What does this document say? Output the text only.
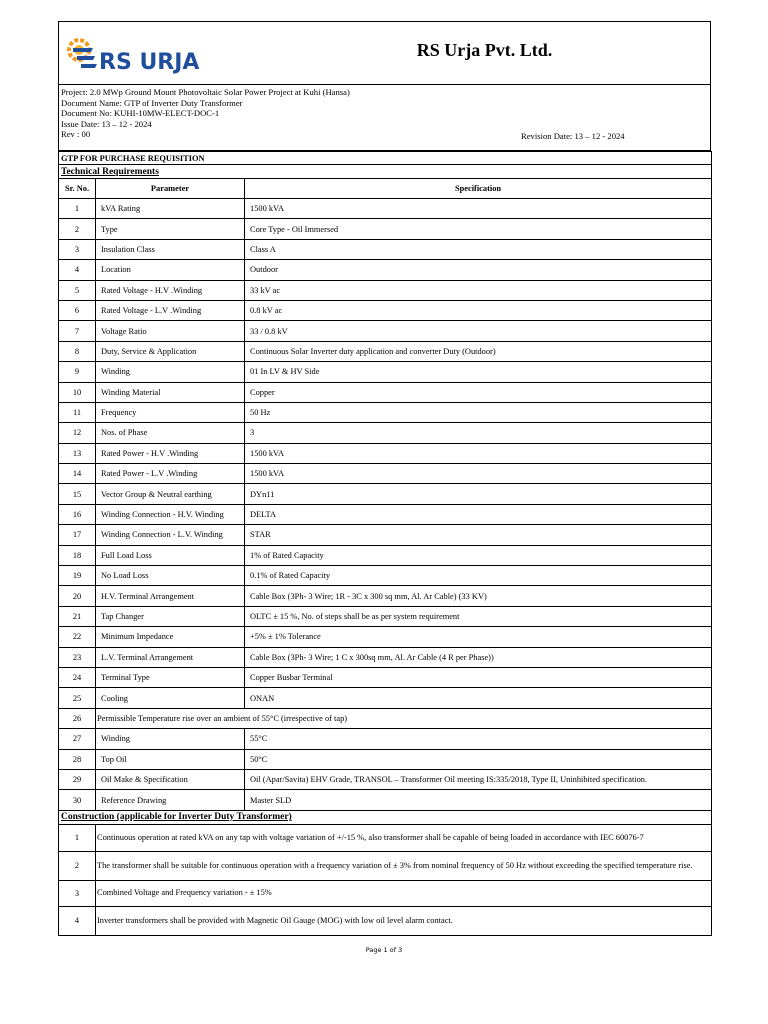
RS URJA	RS Urja Pvt. Ltd.
Project: 2.0 MWp Ground Mount Photovoltaic Solar Power Project at Kuhi (Hansa)
Document Name: GTP of Inverter Duty Transformer
Document No: KUHI-10MW-ELECT-DOC-1
Issue Date: 13 – 12 - 2024
Rev : 00	Revision Date: 13 – 12 - 2024
GTP FOR PURCHASE REQUISITION		
Technical Requirements		
Sr. No.	Parameter	Specification
1	kVA Rating	1500 kVA
2	Type	Core Type - Oil Immersed
3	Insulation Class	Class A
4	Location	Outdoor
5	Rated Voltage - H.V .Winding	33 kV ac
6	Rated Voltage - L.V .Winding	0.8 kV ac
7	Voltage Ratio	33 / 0.8 kV
8	Duty, Service & Application	Continuous Solar Inverter duty application and converter Duty (Outdoor)
9	Winding	01 In LV & HV Side
10	Winding Material	Copper
11	Frequency	50 Hz
12	Nos. of Phase	3
13	Rated Power - H.V .Winding	1500 kVA
14	Rated Power - L.V .Winding	1500 kVA
15	Vector Group & Neutral earthing	DYn11
16	Winding Connection - H.V. Winding	DELTA
17	Winding Connection - L.V. Winding	STAR
18	Full Load Loss	1% of Rated Capacity
19	No Load Loss	0.1% of Rated Capacity
20	H.V. Terminal Arrangement	Cable Box (3Ph- 3 Wire; 1R - 3C x 300 sq mm, Al. Ar Cable) (33 KV)
21	Tap Changer	OLTC ± 15 %, No. of steps shall be as per system requirement
22	Minimum Impedance	+5% ± 1% Tolerance
23	L.V. Terminal Arrangement	Cable Box (3Ph- 3 Wire; 1 C x 300sq mm, Al. Ar Cable (4 R per Phase))
24	Terminal Type	Copper Busbar Terminal
25	Cooling	ONAN
26	Permissible Temperature rise over an ambient of 55°C (irrespective of tap)	
27	Winding	55°C
28	Top Oil	50°C
29	Oil Make & Specification	Oil (Apar/Savita) EHV Grade, TRANSOL – Transformer Oil meeting IS:335/2018, Type II, Uninhibited specification.
30	Reference Drawing	Master SLD
Construction (applicable for Inverter Duty Transformer)		
1	Continuous operation at rated kVA on any tap with voltage variation of +/-15 %, also transformer shall be capable of being loaded in accordance with IEC 60076-7	
2	The transformer shall be suitable for continuous operation with a frequency variation of ± 3% from nominal frequency of 50 Hz without exceeding the specified temperature rise.	
3	Combined Voltage and Frequency variation - ± 15%	
4	Inverter transformers shall be provided with Magnetic Oil Gauge (MOG) with low oil level alarm contact.	
Page 1 of 3
